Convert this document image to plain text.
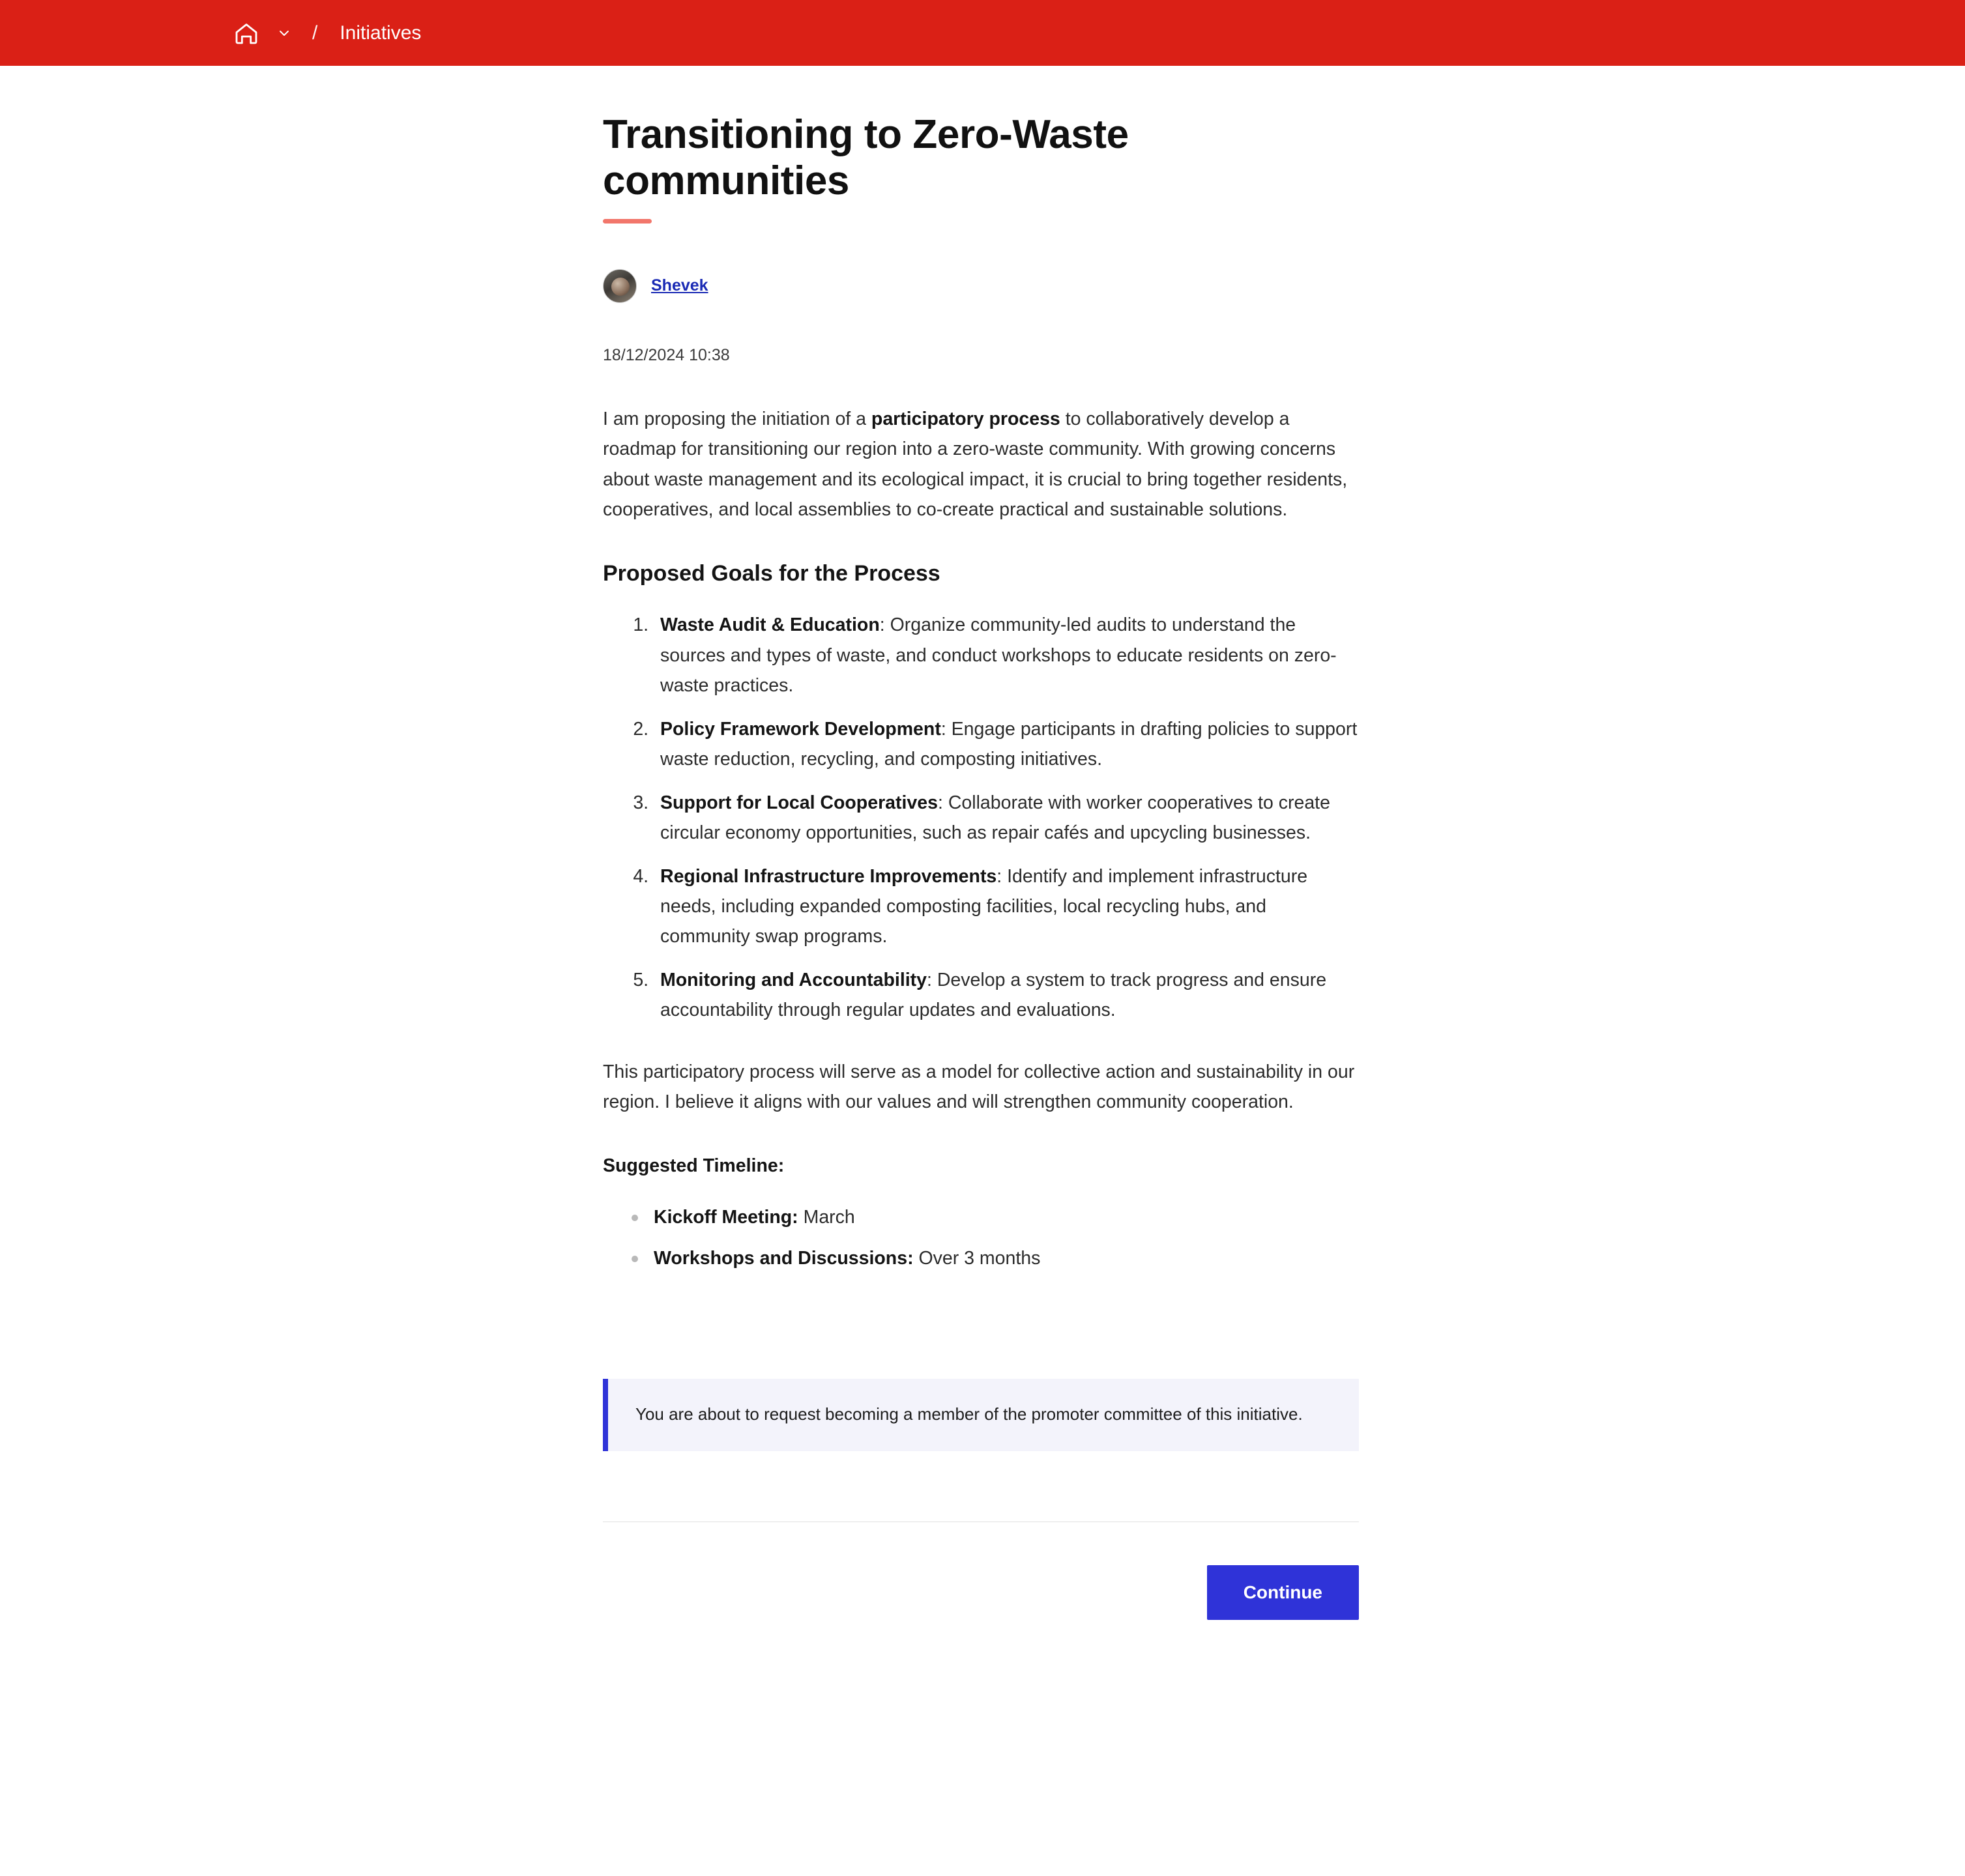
/ Initiatives
Transitioning to Zero-Waste communities
Shevek
18/12/2024 10:38

I am proposing the initiation of a participatory process to collaboratively develop a roadmap for transitioning our region into a zero-waste community. With growing concerns about waste management and its ecological impact, it is crucial to bring together residents, cooperatives, and local assemblies to co-create practical and sustainable solutions.

Proposed Goals for the Process
1. Waste Audit & Education: Organize community-led audits to understand the sources and types of waste, and conduct workshops to educate residents on zero-waste practices.
2. Policy Framework Development: Engage participants in drafting policies to support waste reduction, recycling, and composting initiatives.
3. Support for Local Cooperatives: Collaborate with worker cooperatives to create circular economy opportunities, such as repair cafés and upcycling businesses.
4. Regional Infrastructure Improvements: Identify and implement infrastructure needs, including expanded composting facilities, local recycling hubs, and community swap programs.
5. Monitoring and Accountability: Develop a system to track progress and ensure accountability through regular updates and evaluations.
This participatory process will serve as a model for collective action and sustainability in our region. I believe it aligns with our values and will strengthen community cooperation.
Suggested Timeline:
Kickoff Meeting: March
Workshops and Discussions: Over 3 months
You are about to request becoming a member of the promoter committee of this initiative.
Continue
